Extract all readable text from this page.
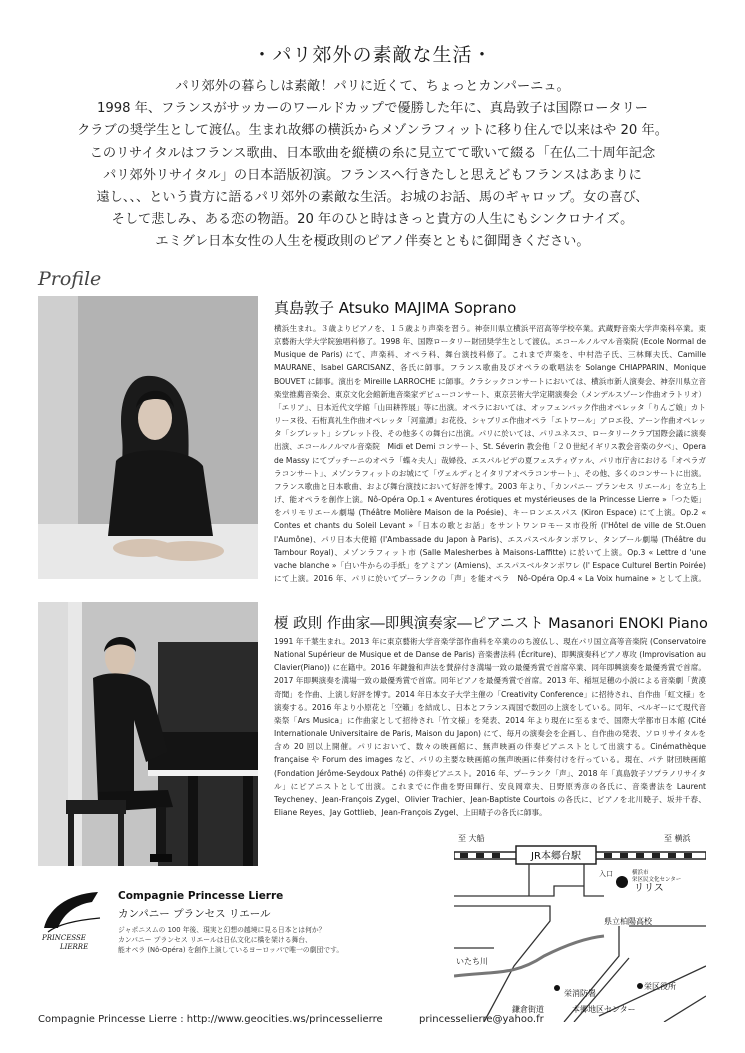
・パリ郊外の素敵な生活・
パリ郊外の暮らしは素敵！パリに近くて、ちょっとカンパーニュ。
1998 年、フランスがサッカーのワールドカップで優勝した年に、真島敦子は国際ロータリー
クラブの奨学生として渡仏。生まれ故郷の横浜からメゾンラフィットに移り住んで以来はや 20 年。
このリサイタルはフランス歌曲、日本歌曲を縦横の糸に見立てて歌いて綴る「在仏二十周年記念
パリ郊外リサイタル」の日本語版初演。フランスへ行きたしと思えどもフランスはあまりに
遠し、、、という貴方に語るパリ郊外の素敵な生活。お城のお話、馬のギャロップ。女の喜び、
そして悲しみ、ある恋の物語。20 年のひと時はきっと貴方の人生にもシンクロナイズ。
エミグレ日本女性の人生を榎政則のピアノ伴奏とともに御聞きください。
Profile
真島敦子 Atsuko MAJIMA Soprano
横浜生まれ。３歳よりピアノを、１５歳より声楽を習う。神奈川県立横浜平沼高等学校卒業。武蔵野音楽大学声楽科卒業。東京藝術大学大学院独唱科修了。1998 年、国際ロータリー財団奨学生として渡仏。エコールノルマル音楽院 (Ecole Normal de Musique de Paris) にて、声楽科、オペラ科、舞台演技科修了。これまで声楽を、中村浩子氏、三林輝夫氏、Camille MAURANE、Isabel GARCISANZ、各氏に師事。フランス歌曲及びオペラの歌唱法を Solange CHIAPPARIN、Monique BOUVET に師事。演出を Mireille LARROCHE に師事。クラシックコンサートにおいては、横浜市新人演奏会、神奈川県立音楽堂推薦音楽会、東京文化会館新進音楽家デビューコンサート、東京芸術大学定期演奏会（メンデルスゾーン作曲オラトリオ）「エリア」、日本近代文学館「山田耕筰展」等に出演。オペラにおいては、オッフェンバック作曲オペレッタ「りんご娘」カトリーヌ役、石桁真礼生作曲オペレッタ「河童譚」お花役、シャブリエ作曲オペラ「エトワール」アロエ役、アーン作曲オペレッタ「シブレット」シブレット役、その他多くの舞台に出演。パリに於いては、パリユネスコ、ロータリークラブ国際会議に演奏出演、エコールノルマル音楽院　Midi et Demi コンサート、St. Séverin 教会他「２０世紀イギリス教会音楽の夕べ」、Opera de Massy にてプッチーニのオペラ「蝶々夫人」哉婦役、エスパルビデの夏フェスティヴァル、パリ市庁舎における「オペラガラコンサート」、メゾンラフィットのお城にて「ヴェルディとイタリアオペラコンサート」、その他、多くのコンサートに出演。フランス歌曲と日本歌曲、および舞台演技において好評を博す。2003 年より、「カンパニー プランセス リエール」を立ち上げ、能オペラを創作上演。Nô-Opéra Op.1 « Aventures érotiques et mystérieuses de la Princesse Lierre »「つた姫」をパリモリエール劇場 (Théâtre Molière Maison de la Poésie)、キーロンエスパス (Kiron Espace) にて上演。Op.2 « Contes et chants du Soleil Levant »「日本の歌とお話」をサントワンロモーヌ市役所 (l'Hôtel de ville de St.Ouen l'Aumône)、パリ日本大使館 (l'Ambassade du Japon à Paris)、エスパスベルタンボワレ、タンブール劇場 (Théâtre du Tambour Royal)、メゾンラフィット市 (Salle Malesherbes à Maisons-Laffitte) に於いて上演。Op.3 « Lettre d 'une vache blanche »「白い牛からの手紙」をアミアン (Amiens)、エスパスベルタンボワレ (l' Espace Culturel Bertin Poirée) にて上演。2016 年、パリに於いてプーランクの「声」を能オペラ　Nô-Opéra Op.4 « La Voix humaine » として上演。 　
榎 政則 作曲家―即興演奏家―ピアニスト Masanori ENOKI Piano
1991 年千葉生まれ。2013 年に東京藝術大学音楽学部作曲科を卒業ののち渡仏し、現在パリ国立高等音楽院 (Conservatoire National Supérieur de Musique et de Danse de Paris) 音楽書法科 (Écriture)、即興演奏科ピアノ専攻 (Improvisation au Clavier(Piano)) に在籍中。2016 年鍵盤和声法を賛辞付き満場一致の最優秀賞で首席卒業、同年即興演奏を最優秀賞で首席。2017 年即興演奏を満場一致の最優秀賞で首席。同年ピアノを最優秀賞で首席。2013 年、稲垣足穂の小説による音楽劇「黄漠奇聞」を作曲、上演し好評を博す。2014 年日本女子大学主催の「Creativity Conference」に招待され、自作曲「虹文様」を演奏する。2016 年より小原花と「空籟」を結成し、日本とフランス両国で数回の上演をしている。同年、ベルギーにて現代音楽祭「Ars Musica」に作曲家として招待され「竹文様」を発表、2014 年より現在に至るまで、国際大学都市日本館 (Cité Internationale Universitaire de Paris, Maison du Japon) にて、毎月の演奏会を企画し、自作曲の発表、ソロリサイタルを含め 20 回以上開催。パリにおいて、数々の映画館に、無声映画の伴奏ピアニストとして出演する。Cinémathèque française や Forum des images など、パリの主要な映画館の無声映画に伴奏付けを行っている。現在、パテ 財団映画館 (Fondation Jérôme-Seydoux Pathé) の伴奏ピアニスト。2016 年、プーランク「声」、2018 年「真島敦子ソプラノリサイタル」にピアニストとして出演。これまでに作曲を野田暉行、安良岡章夫、日野原秀彦の各氏に、音楽書法を Laurent Teycheney、Jean-François Zygel、Olivier Trachier、Jean-Baptiste Courtois の各氏に、ピアノを北川暁子、坂井千春、Eliane Reyes、Jay Gottlieb、Jean-François Zygel、上田晴子の各氏に師事。
JR本郷台駅
至 大船	至 横浜
入口	横浜市栄区民文化センター
リリス
県立柏陽高校
いたち川
栄消防署
栄区役所
鎌倉街道	本郷地区センター
PRINCESSE
LIERRE
Compagnie Princesse Lierre
カンパニー プランセス リエール
ジャポニスムの 100 年後、現実と幻想の越境に見る日本とは何か？
カンパニー プランセス リエールは日仏文化に橋を架ける舞台、
能オペラ (Nô-Opéra) を創作上演しているヨーロッパで唯一の劇団です。
Compagnie Princesse Lierre : http://www.geocities.ws/princesselierre	princesselierre@yahoo.fr
